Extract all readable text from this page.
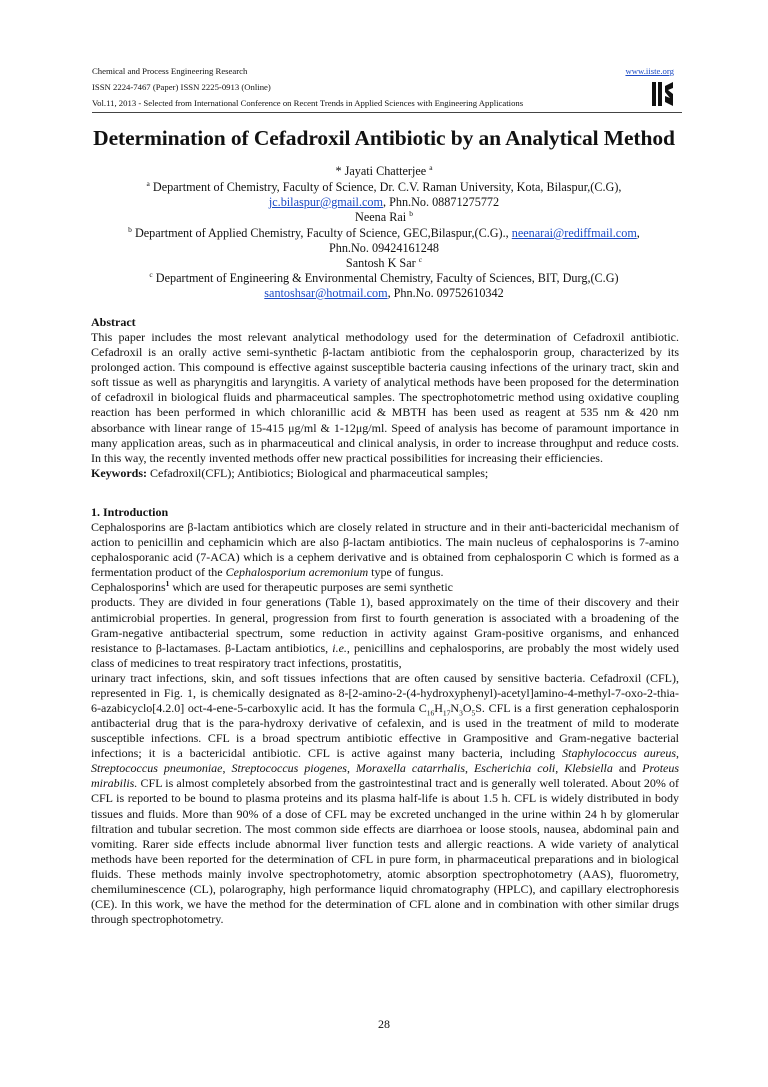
Chemical and Process Engineering Research
ISSN 2224-7467 (Paper) ISSN 2225-0913 (Online)
Vol.11, 2013 - Selected from International Conference on Recent Trends in Applied Sciences with Engineering Applications
www.iiste.org
Determination of Cefadroxil Antibiotic by an Analytical Method
* Jayati Chatterjee $^a$
$^a$ Department of Chemistry, Faculty of Science, Dr. C.V. Raman University, Kota, Bilaspur,(C.G),
jc.bilaspur@gmail.com, Phn.No. 08871275772
Neena Rai $^b$
$^b$ Department of Applied Chemistry, Faculty of Science, GEC,Bilaspur,(C.G)., neenarai@rediffmail.com,
Phn.No. 09424161248
Santosh K Sar $^c$
$^c$ Department of Engineering & Environmental Chemistry, Faculty of Sciences, BIT, Durg,(C.G)
santoshsar@hotmail.com, Phn.No. 09752610342

Abstract

This paper includes the most relevant analytical methodology used for the determination of Cefadroxil antibiotic. Cefadroxil is an orally active semi-synthetic β-lactam antibiotic from the cephalosporin group, characterized by its prolonged action. This compound is effective against susceptible bacteria causing infections of the urinary tract, skin and soft tissue as well as pharyngitis and laryngitis. A variety of analytical methods have been proposed for the determination of cefadroxil in biological fluids and pharmaceutical samples. The spectrophotometric method using oxidative coupling reaction has been performed in which chloranillic acid & MBTH has been used as reagent at 535 nm & 420 nm absorbance with linear range of 15-415 μg/ml & 1-12μg/ml. Speed of analysis has become of paramount importance in many application areas, such as in pharmaceutical and clinical analysis, in order to increase throughput and reduce costs. In this way, the recently invented methods offer new practical possibilities for increasing their efficiencies.

Keywords: Cefadroxil(CFL); Antibiotics; Biological and pharmaceutical samples;

1. Introduction

Cephalosporins are β-lactam antibiotics which are closely related in structure and in their anti-bactericidal mechanism of action to penicillin and cephamicin which are also β-lactam antibiotics. The main nucleus of cephalosporins is 7-amino cephalosporanic acid (7-ACA) which is a cephem derivative and is obtained from cephalosporin C which is formed as a fermentation product of the Cephalosporium acremonium type of fungus.

Cephalosporins$^1$ which are used for therapeutic purposes are semi synthetic

products. They are divided in four generations (Table 1), based approximately on the time of their discovery and their antimicrobial properties. In general, progression from first to fourth generation is associated with a broadening of the Gram-negative antibacterial spectrum, some reduction in activity against Gram-positive organisms, and enhanced resistance to β-lactamases. β-Lactam antibiotics, i.e., penicillins and cephalosporins, are probably the most widely used class of medicines to treat respiratory tract infections, prostatitis,

urinary tract infections, skin, and soft tissues infections that are often caused by sensitive bacteria. Cefadroxil (CFL), represented in Fig. 1, is chemically designated as 8-[2-amino-2-(4-hydroxyphenyl)-acetyl]amino-4-methyl-7-oxo-2-thia-6-azabicyclo[4.2.0] oct-4-ene-5-carboxylic acid. It has the formula $C_{16}H_{17}N_3O_5S$. CFL is a first generation cephalosporin antibacterial drug that is the para-hydroxy derivative of cefalexin, and is used in the treatment of mild to moderate susceptible infections. CFL is a broad spectrum antibiotic effective in Grampositive and Gram-negative bacterial infections; it is a bactericidal antibiotic. CFL is active against many bacteria, including Staphylococcus aureus, Streptococcus pneumoniae, Streptococcus piogenes, Moraxella catarrhalis, Escherichia coli, Klebsiella and Proteus mirabilis. CFL is almost completely absorbed from the gastrointestinal tract and is generally well tolerated. About 20% of CFL is reported to be bound to plasma proteins and its plasma half-life is about 1.5 h. CFL is widely distributed in body tissues and fluids. More than 90% of a dose of CFL may be excreted unchanged in the urine within 24 h by glomerular filtration and tubular secretion. The most common side effects are diarrhoea or loose stools, nausea, abdominal pain and vomiting. Rarer side effects include abnormal liver function tests and allergic reactions. A wide variety of analytical methods have been reported for the determination of CFL in pure form, in pharmaceutical preparations and in biological fluids. These methods mainly involve spectrophotometry, atomic absorption spectrophotometry (AAS), fluorometry, chemiluminescence (CL), polarography, high performance liquid chromatography (HPLC), and capillary electrophoresis (CE). In this work, we have the method for the determination of CFL alone and in combination with other similar drugs through spectrophotometry.

28
